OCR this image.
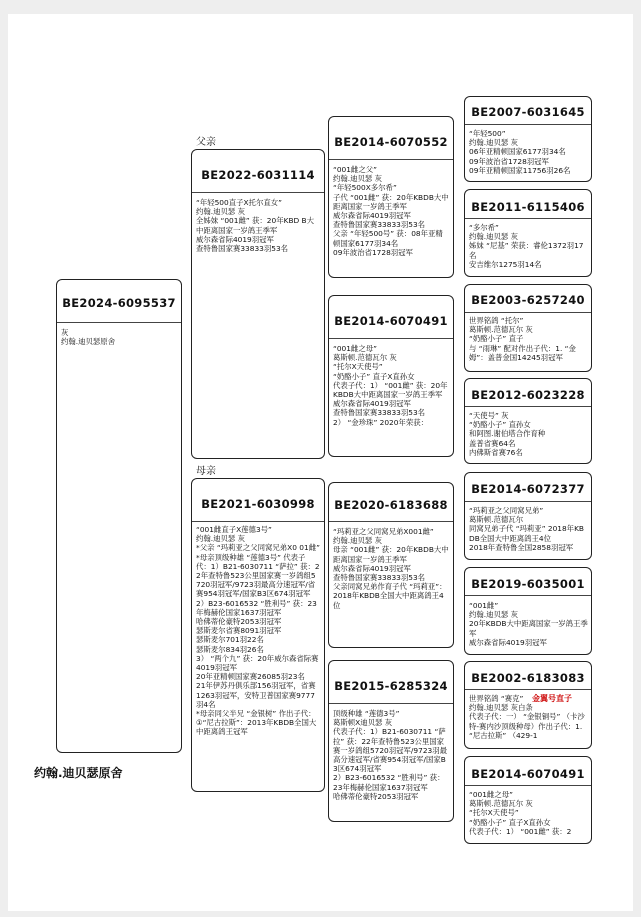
BE2024-6095537
灰
约翰.迪贝瑟原舍
父亲
母亲
BE2022-6031114
“年轻500直子X托尔直女”
约翰.迪贝瑟 灰
全姊妹 “001雌” 获：20年KBD B大中距离国家一岁鸽王季军
威尔森省际4019羽冠军
查特鲁国家赛33833羽53名
BE2021-6030998
“001雌直子X莲德3号”
约翰.迪贝瑟 灰
*父亲 “玛莉亚之父同窝兄弟X0 01雌”
*母亲顶级种雄 “莲德3号” 代表子代：1）B21-6030711 “萨拉” 获：22年查特鲁523公里国家赛一岁鸽组5720羽冠军/9723羽最高分速冠军/省赛954羽冠军/国家B3区674羽冠军
2）B23-6016532 “胜利号” 获：23年梅赫伦国家1637羽冠军
哈佛蒂伦豪特2053羽冠军
瑟斯麦尔省赛8091羽冠军
瑟斯麦尔701羽22名
瑟斯麦尔834羽26名
3） “两个九” 获：20年威尔森省际赛4019羽冠军
20年亚精顿国家赛26085羽23名
21年伊苏丹俱乐部156羽冠军，省赛1263羽冠军，安特卫普国家赛9777羽4名
*母亲同父半兄 “金银树” 作出子代：①“尼古拉斯”：2013年KBDB全国大中距离鸽王冠军
BE2014-6070552
“001雌之父”
约翰.迪贝瑟 灰
“年轻500X多尔希”
子代 “001雌” 获：20年KBDB大中距离国家一岁鸽王季军
威尔森省际4019羽冠军
查特鲁国家赛33833羽53名
父亲 “年轻500号” 获：08年亚精顿国家6177羽34名
09年波治省1728羽冠军
BE2014-6070491
“001雌之母”
葛斯顿.范德瓦尔 灰
“托尔X天使号”
“奶酪小子” 直子X直孙女
代表子代：1） “001雌” 获：20年KBDB大中距离国家一岁鸽王季军
威尔森省际4019羽冠军
查特鲁国家赛33833羽53名
2） “金珍珠” 2020年荣获：
BE2020-6183688
“玛莉亚之父同窝兄弟X001雌”
约翰.迪贝瑟 灰
母亲 “001雌” 获：20年KBDB大中距离国家一岁鸽王季军
威尔森省际4019羽冠军
查特鲁国家赛33833羽53名
父亲同窝兄弟作育子代 “玛莉亚”：2018年KBDB全国大中距离鸽王4位
BE2015-6285324
顶级种雄 “莲德3号”
葛斯顿X迪贝瑟 灰
代表子代：1）B21-6030711 “萨拉” 获：22年查特鲁523公里国家赛一岁鸽组5720羽冠军/9723羽最高分速冠军/省赛954羽冠军/国家B3区674羽冠军
2）B23-6016532 “胜利号” 获：23年梅赫伦国家1637羽冠军
哈佛蒂伦豪特2053羽冠军
BE2007-6031645
“年轻500”
约翰.迪贝瑟 灰
06年亚精顿国家6177羽34名
09年波治省1728羽冠军
09年亚精顿国家11756羽26名
BE2011-6115406
“多尔希”
约翰.迪贝瑟 灰
姊妹 “尼基” 荣获：睿伦1372羽17名
安吉维尔1275羽14名
BE2003-6257240
世界铭鸽 “托尔”
葛斯顿.范德瓦尔 灰
“奶酪小子” 直子
与 “雨琳” 配对作出子代：1. “金姆”：盖普金国14245羽冠军
BE2012-6023228
“天使号” 灰
“奶酪小子” 直孙女
和阿图.谢伯塔合作育种
盖普省赛64名
内佛斯省赛76名
BE2014-6072377
“玛莉亚之父同窝兄弟”
葛斯顿.范德瓦尔
同窝兄弟子代 “玛莉亚” 2018年KBDB全国大中距离鸽王4位
2018年查特鲁全国2858羽冠军
BE2019-6035001
“001雌”
约翰.迪贝瑟 灰
20年KBDB大中距离国家一岁鸽王季军
威尔森省际4019羽冠军
BE2002-6183083
金翼号直子
世界铭鸽 “赛克”
约翰.迪贝瑟 灰白条
代表子代：一） “金银铜号” （卡沙特-赛内沙顶级种母）作出子代：1. “尼古拉斯” （429-1
BE2014-6070491
“001雌之母”
葛斯顿.范德瓦尔 灰
“托尔X天使号”
“奶酪小子” 直子X直孙女
代表子代：1） “001雌” 获：2
约翰.迪贝瑟原舍
